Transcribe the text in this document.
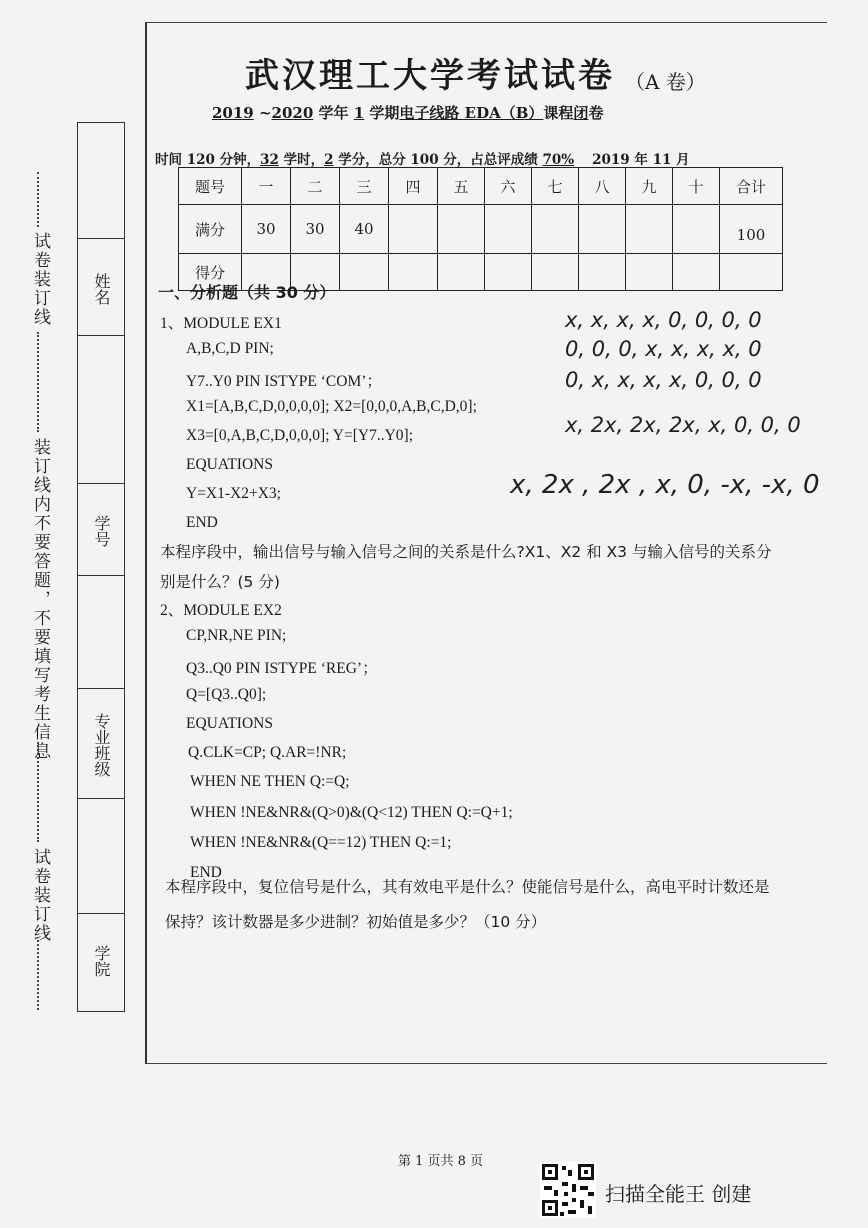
试卷装订线
装订线内不要答题，不要填写考生信息
试卷装订线
姓名
学号
专业班级
学院
武汉理工大学考试试卷 （A 卷）
2019 ~2020 学年 1 学期电子线路 EDA（B）课程闭卷
时间 120 分钟，32 学时，2 学分，总分 100 分，占总评成绩 70% 2019 年 11 月
题号	一	二	三	四	五	六	七	八	九	十	合计
满分	30	30	40								100
得分											
一、分析题（共 30 分）
1、MODULE EX1
A,B,C,D PIN;
Y7..Y0 PIN ISTYPE ‘COM’；
X1=[A,B,C,D,0,0,0,0]; X2=[0,0,0,A,B,C,D,0];
X3=[0,A,B,C,D,0,0,0]; Y=[Y7..Y0];
EQUATIONS
Y=X1-X2+X3;
END
本程序段中，输出信号与输入信号之间的关系是什么?X1、X2 和 X3 与输入信号的关系分
别是什么？(5 分)
x, x, x, x, 0, 0, 0, 0
0, 0, 0, x, x, x, x, 0
0, x, x, x, x, 0, 0, 0
x, 2x, 2x, 2x, x, 0, 0, 0
x, 2x , 2x , x, 0, -x, -x, 0
2、MODULE EX2
CP,NR,NE PIN;
Q3..Q0 PIN ISTYPE ‘REG’；
Q=[Q3..Q0];
EQUATIONS
Q.CLK=CP; Q.AR=!NR;
WHEN NE THEN Q:=Q;
WHEN !NE&NR&(Q>0)&(Q<12) THEN Q:=Q+1;
WHEN !NE&NR&(Q==12) THEN Q:=1;
END
本程序段中，复位信号是什么，其有效电平是什么？使能信号是什么，高电平时计数还是
保持？该计数器是多少进制？初始值是多少？（10 分）
第 1 页共 8 页
扫描全能王 创建
